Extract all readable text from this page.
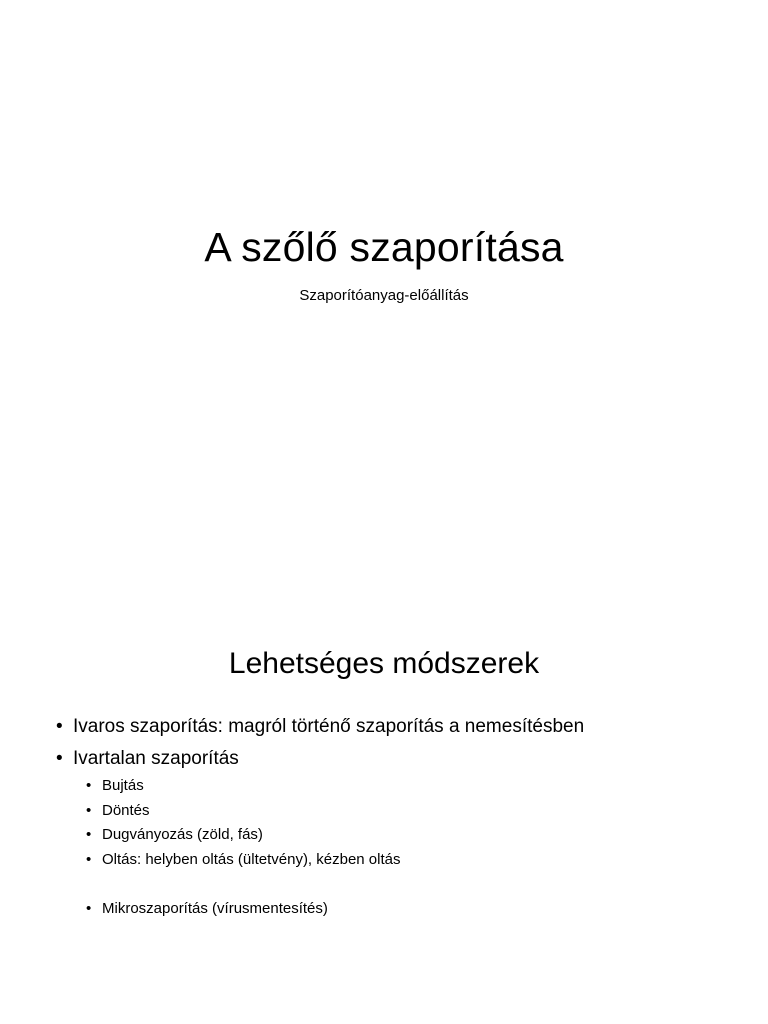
A szőlő szaporítása
Szaporítóanyag-előállítás
Lehetséges módszerek
• Ivaros szaporítás: magról történő szaporítás a nemesítésben
• Ivartalan szaporítás
• Bujtás
• Döntés
• Dugványozás (zöld, fás)
• Oltás: helyben oltás (ültetvény), kézben oltás
• Mikroszaporítás (vírusmentesítés)
